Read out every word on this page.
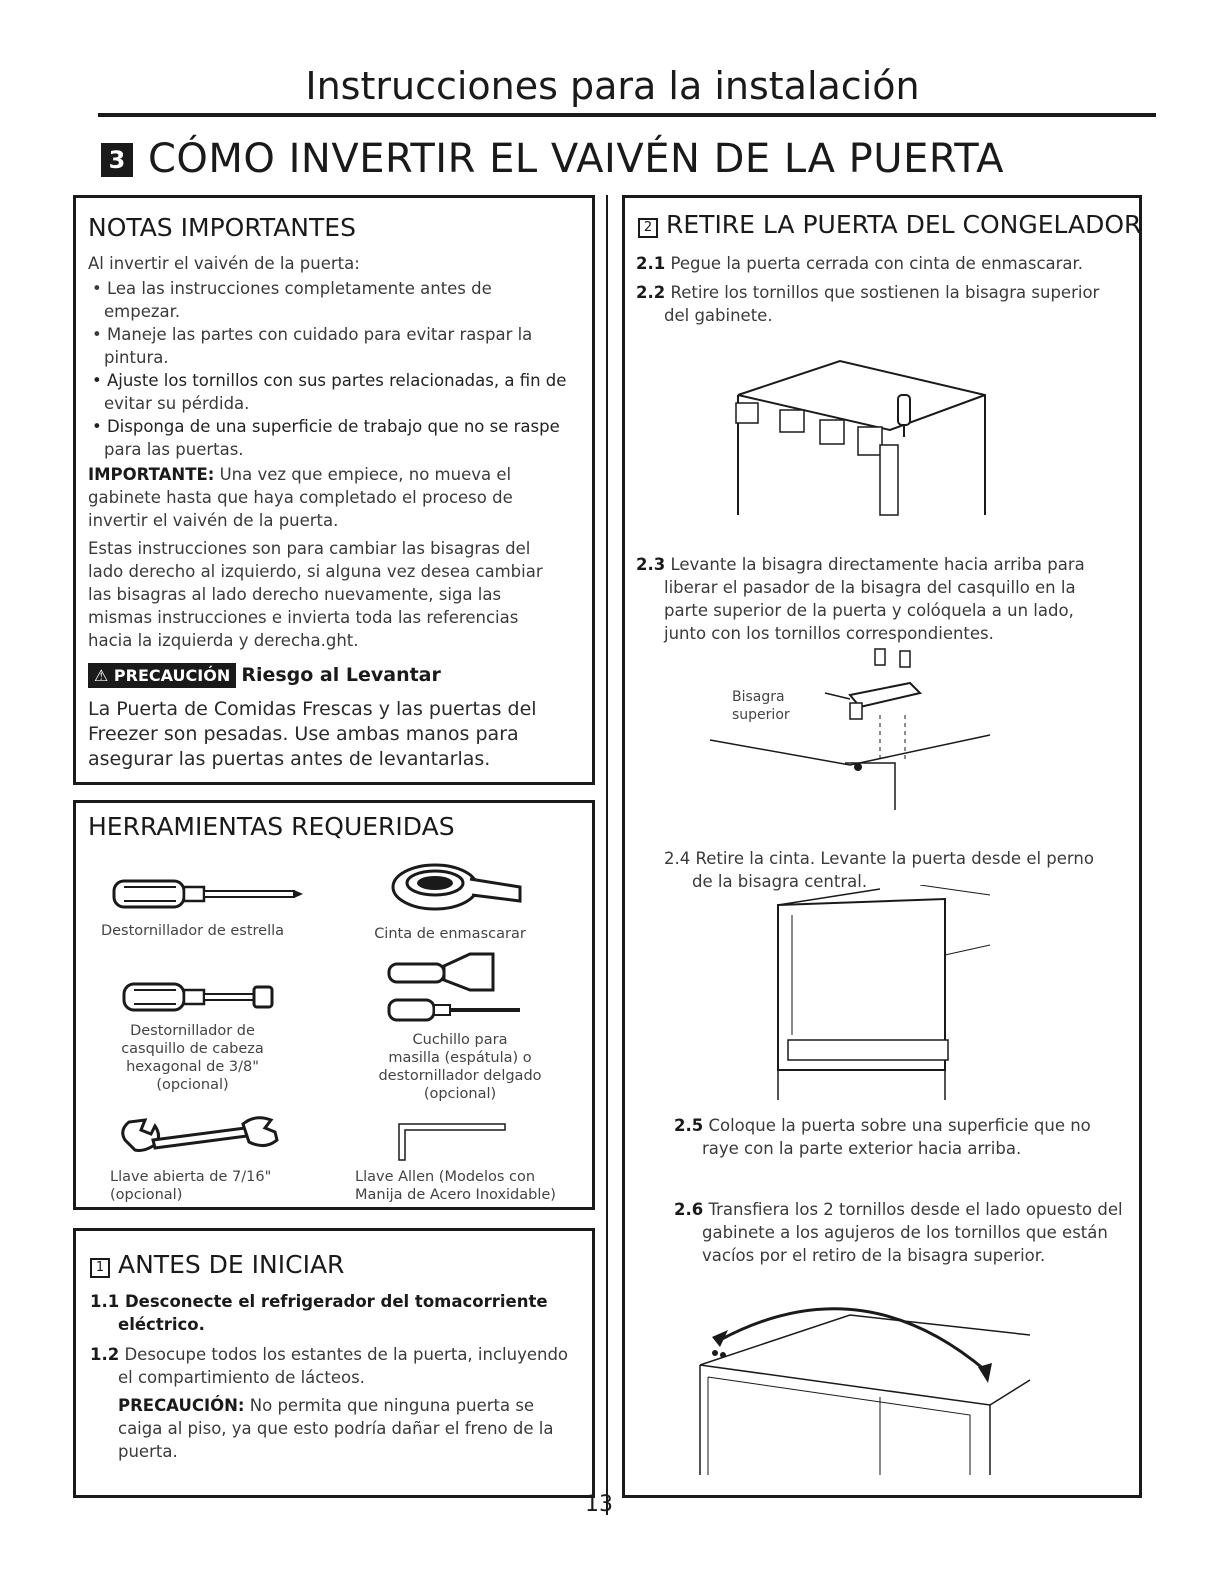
Instrucciones para la instalación
3 CÓMO INVERTIR EL VAIVÉN DE LA PUERTA
NOTAS IMPORTANTES
Al invertir el vaivén de la puerta:
• Lea las instrucciones completamente antes de
empezar.
• Maneje las partes con cuidado para evitar raspar la
pintura.
• Ajuste los tornillos con sus partes relacionadas, a fin de
evitar su pérdida.
• Disponga de una superficie de trabajo que no se raspe
para las puertas.
IMPORTANTE: Una vez que empiece, no mueva el
gabinete hasta que haya completado el proceso de
invertir el vaivén de la puerta.
Estas instrucciones son para cambiar las bisagras del
lado derecho al izquierdo, si alguna vez desea cambiar
las bisagras al lado derecho nuevamente, siga las
mismas instrucciones e invierta toda las referencias
hacia la izquierda y derecha.ght.
⚠ PRECAUCIÓN Riesgo al Levantar
La Puerta de Comidas Frescas y las puertas del
Freezer son pesadas. Use ambas manos para
asegurar las puertas antes de levantarlas.
HERRAMIENTAS REQUERIDAS
Destornillador de estrella	Cinta de enmascarar
Destornillador de
casquillo de cabeza
hexagonal de 3/8"
(opcional)
Cuchillo para
masilla (espátula) o
destornillador delgado
(opcional)
Llave abierta de 7/16"
(opcional)
Llave Allen (Modelos con
Manija de Acero Inoxidable)
1 ANTES DE INICIAR
1.1 Desconecte el refrigerador del tomacorriente
eléctrico.
1.2 Desocupe todos los estantes de la puerta, incluyendo
el compartimiento de lácteos.
PRECAUCIÓN: No permita que ninguna puerta se
caiga al piso, ya que esto podría dañar el freno de la
puerta.
2 RETIRE LA PUERTA DEL CONGELADOR
2.1 Pegue la puerta cerrada con cinta de enmascarar.
2.2 Retire los tornillos que sostienen la bisagra superior
del gabinete.
2.3 Levante la bisagra directamente hacia arriba para
liberar el pasador de la bisagra del casquillo en la
parte superior de la puerta y colóquela a un lado,
junto con los tornillos correspondientes.
Bisagra
superior
2.4 Retire la cinta. Levante la puerta desde el perno
de la bisagra central.
2.5 Coloque la puerta sobre una superficie que no
raye con la parte exterior hacia arriba.
2.6 Transfiera los 2 tornillos desde el lado opuesto del
gabinete a los agujeros de los tornillos que están
vacíos por el retiro de la bisagra superior.
13
